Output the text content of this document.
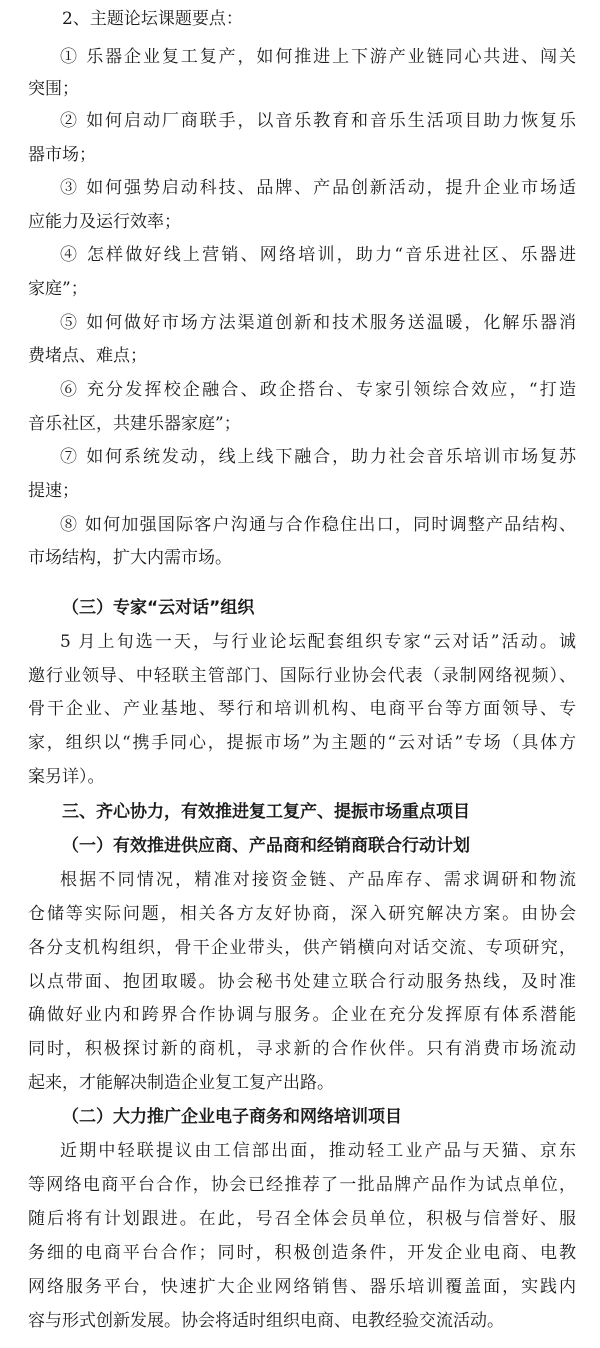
2、主题论坛课题要点：
① 乐器企业复工复产，如何推进上下游产业链同心共进、闯关
突围；
② 如何启动厂商联手，以音乐教育和音乐生活项目助力恢复乐
器市场；
③ 如何强势启动科技、品牌、产品创新活动，提升企业市场适
应能力及运行效率；
④ 怎样做好线上营销、网络培训，助力“音乐进社区、乐器进
家庭”；
⑤ 如何做好市场方法渠道创新和技术服务送温暖，化解乐器消
费堵点、难点；
⑥ 充分发挥校企融合、政企搭台、专家引领综合效应，“打造
音乐社区，共建乐器家庭”；
⑦ 如何系统发动，线上线下融合，助力社会音乐培训市场复苏
提速；
⑧ 如何加强国际客户沟通与合作稳住出口，同时调整产品结构、
市场结构，扩大内需市场。
（三）专家“云对话”组织
5 月上旬选一天，与行业论坛配套组织专家“云对话”活动。诚
邀行业领导、中轻联主管部门、国际行业协会代表（录制网络视频）、
骨干企业、产业基地、琴行和培训机构、电商平台等方面领导、专
家，组织以“携手同心，提振市场”为主题的“云对话”专场（具体方
案另详）。
三、齐心协力，有效推进复工复产、提振市场重点项目
（一）有效推进供应商、产品商和经销商联合行动计划
根据不同情况，精准对接资金链、产品库存、需求调研和物流
仓储等实际问题，相关各方友好协商，深入研究解决方案。由协会
各分支机构组织，骨干企业带头，供产销横向对话交流、专项研究，
以点带面、抱团取暖。协会秘书处建立联合行动服务热线，及时准
确做好业内和跨界合作协调与服务。企业在充分发挥原有体系潜能
同时，积极探讨新的商机，寻求新的合作伙伴。只有消费市场流动
起来，才能解决制造企业复工复产出路。
（二）大力推广企业电子商务和网络培训项目
近期中轻联提议由工信部出面，推动轻工业产品与天猫、京东
等网络电商平台合作，协会已经推荐了一批品牌产品作为试点单位，
随后将有计划跟进。在此，号召全体会员单位，积极与信誉好、服
务细的电商平台合作；同时，积极创造条件，开发企业电商、电教
网络服务平台，快速扩大企业网络销售、器乐培训覆盖面，实践内
容与形式创新发展。协会将适时组织电商、电教经验交流活动。
